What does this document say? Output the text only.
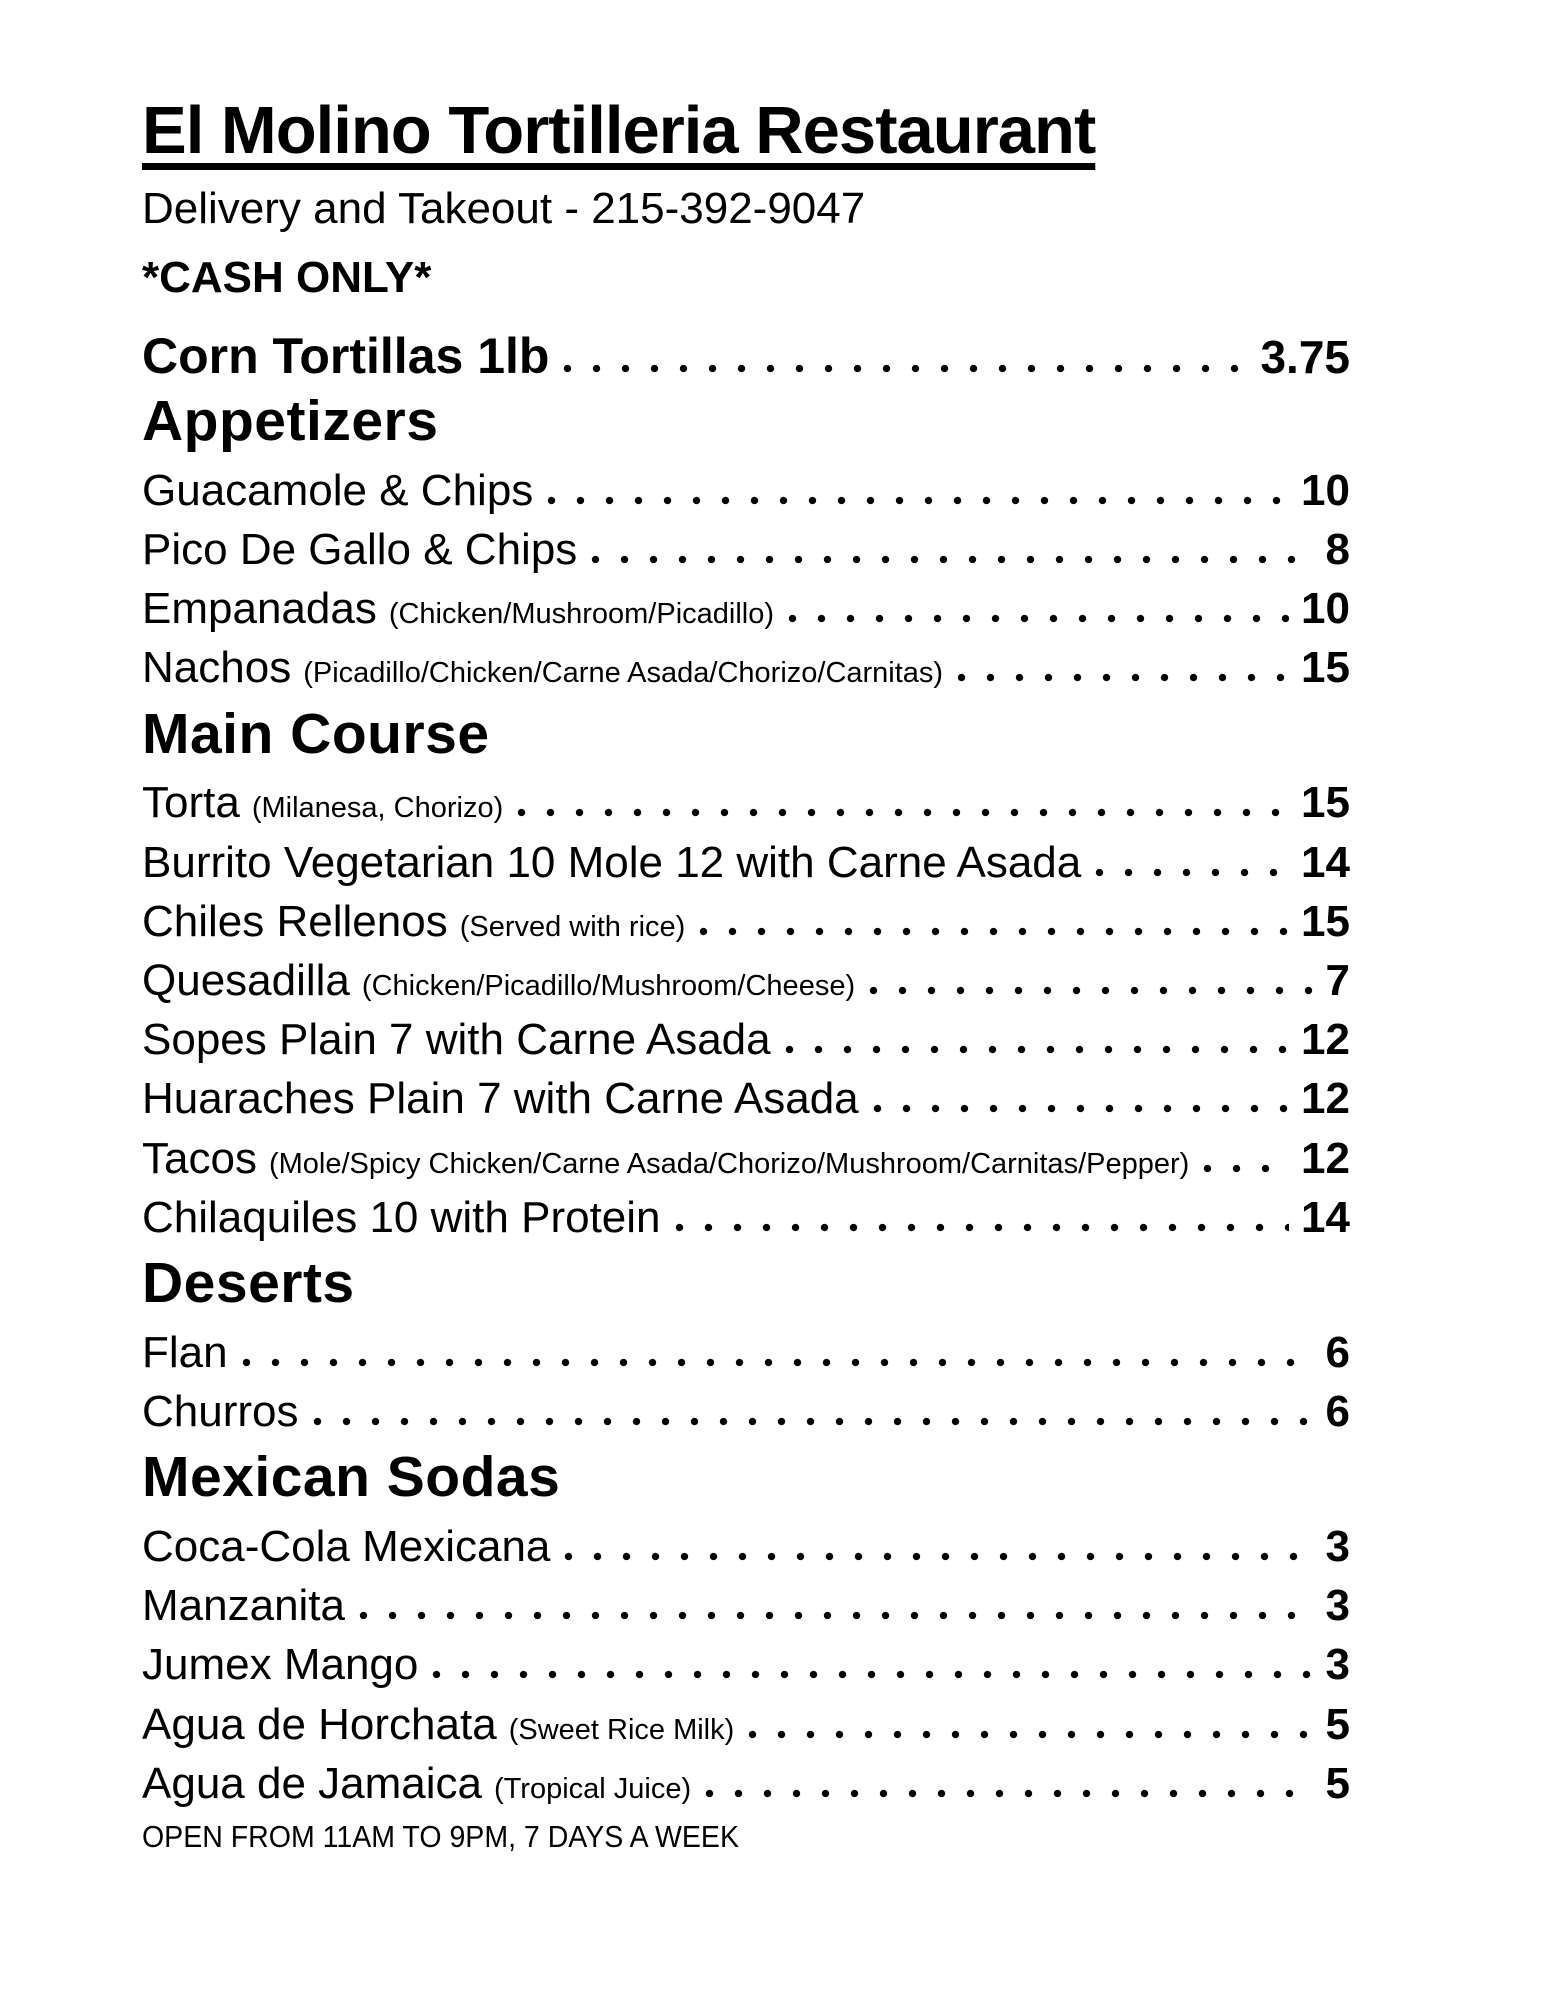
El Molino Tortilleria Restaurant
Delivery and Takeout - 215-392-9047
*CASH ONLY*
Corn Tortillas 1lb	3.75
Appetizers
Guacamole & Chips	10
Pico De Gallo & Chips	8
Empanadas (Chicken/Mushroom/Picadillo)	10
Nachos (Picadillo/Chicken/Carne Asada/Chorizo/Carnitas)	15
Main Course
Torta (Milanesa, Chorizo)	15
Burrito Vegetarian 10 Mole 12 with Carne Asada	14
Chiles Rellenos (Served with rice)	15
Quesadilla (Chicken/Picadillo/Mushroom/Cheese)	7
Sopes Plain 7 with Carne Asada	12
Huaraches Plain 7 with Carne Asada	12
Tacos (Mole/Spicy Chicken/Carne Asada/Chorizo/Mushroom/Carnitas/Pepper)	12
Chilaquiles 10 with Protein	14
Deserts
Flan	6
Churros	6
Mexican Sodas
Coca-Cola Mexicana	3
Manzanita	3
Jumex Mango	3
Agua de Horchata (Sweet Rice Milk)	5
Agua de Jamaica (Tropical Juice)	5
OPEN FROM 11AM TO 9PM, 7 DAYS A WEEK
